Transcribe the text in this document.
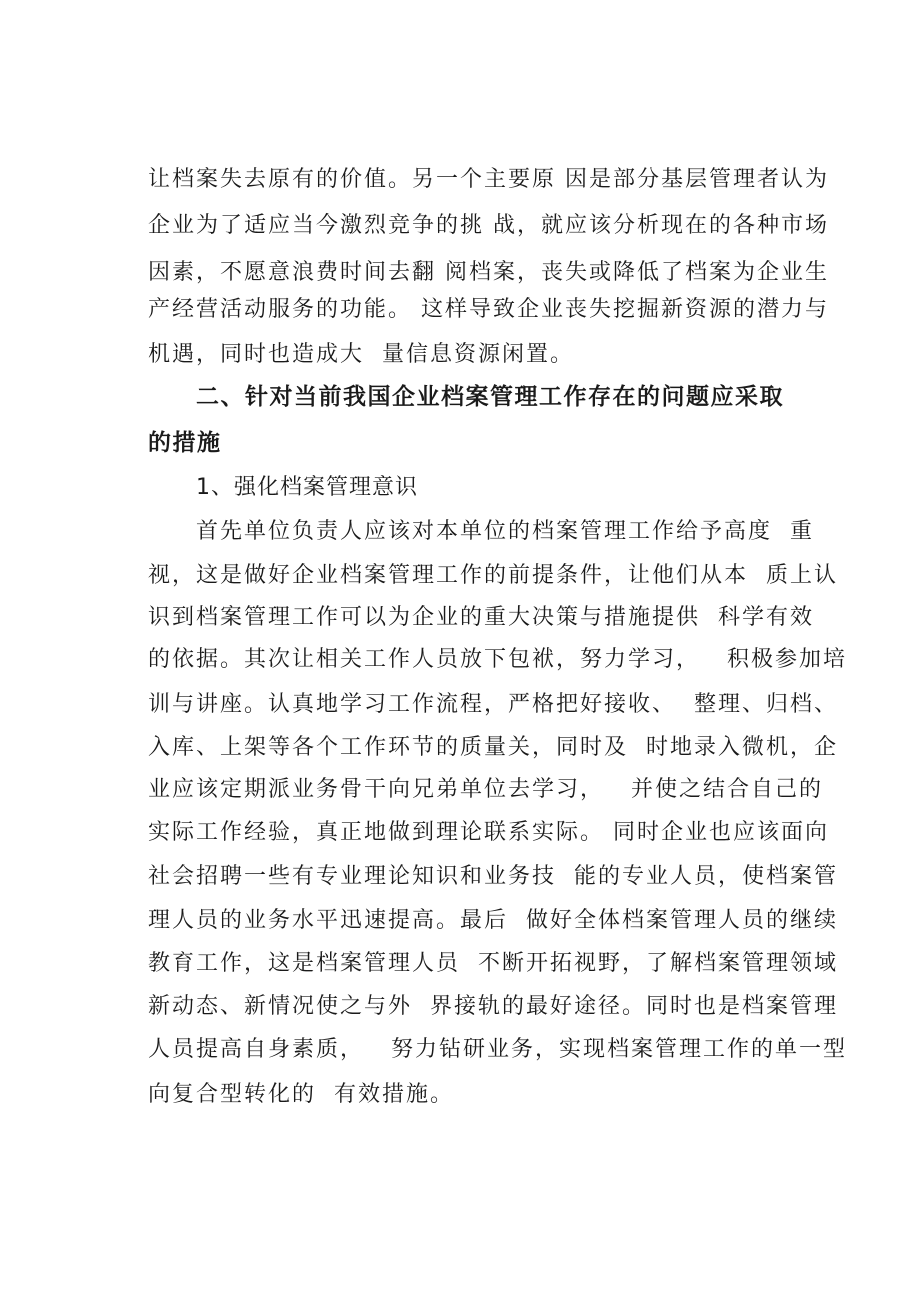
让档案失去原有的价值。另一个主要原 因是部分基层管理者认为
企业为了适应当今激烈竞争的挑 战，就应该分析现在的各种市场
因素，不愿意浪费时间去翻 阅档案，丧失或降低了档案为企业生
产经营活动服务的功能。 这样导致企业丧失挖掘新资源的潜力与
机遇，同时也造成大  量信息资源闲置。
二、针对当前我国企业档案管理工作存在的问题应采取
的措施
1、强化档案管理意识
首先单位负责人应该对本单位的档案管理工作给予高度  重
视，这是做好企业档案管理工作的前提条件，让他们从本  质上认
识到档案管理工作可以为企业的重大决策与措施提供  科学有效
的依据。其次让相关工作人员放下包袱，努力学习，   积极参加培
训与讲座。认真地学习工作流程，严格把好接收、  整理、归档、
入库、上架等各个工作环节的质量关，同时及  时地录入微机，企
业应该定期派业务骨干向兄弟单位去学习，   并使之结合自己的
实际工作经验，真正地做到理论联系实际。 同时企业也应该面向
社会招聘一些有专业理论知识和业务技  能的专业人员，使档案管
理人员的业务水平迅速提高。最后  做好全体档案管理人员的继续
教育工作，这是档案管理人员  不断开拓视野，了解档案管理领域
新动态、新情况使之与外  界接轨的最好途径。同时也是档案管理
人员提高自身素质，   努力钻研业务，实现档案管理工作的单一型
向复合型转化的  有效措施。
